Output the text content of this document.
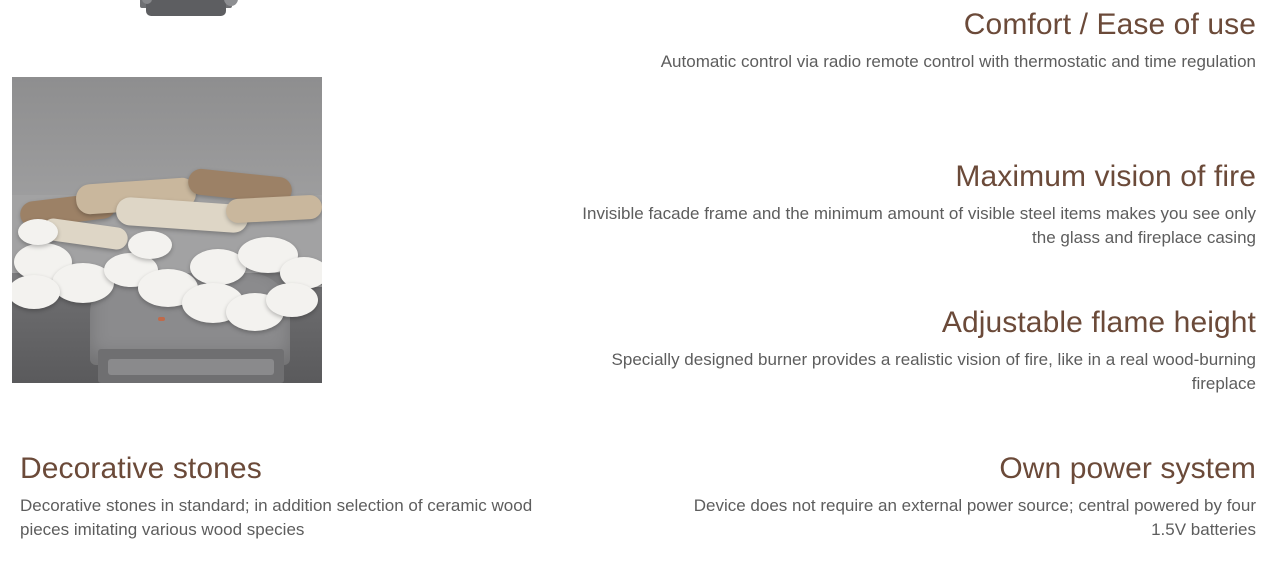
Comfort / Ease of use

Automatic control via radio remote control with thermostatic and time regulation

Maximum vision of fire

Invisible facade frame and the minimum amount of visible steel items makes you see only the glass and fireplace casing

Adjustable flame height

Specially designed burner provides a realistic vision of fire, like in a real wood-burning fireplace

Decorative stones

Decorative stones in standard; in addition selection of ceramic wood pieces imitating various wood species

Own power system

Device does not require an external power source; central powered by four 1.5V batteries
